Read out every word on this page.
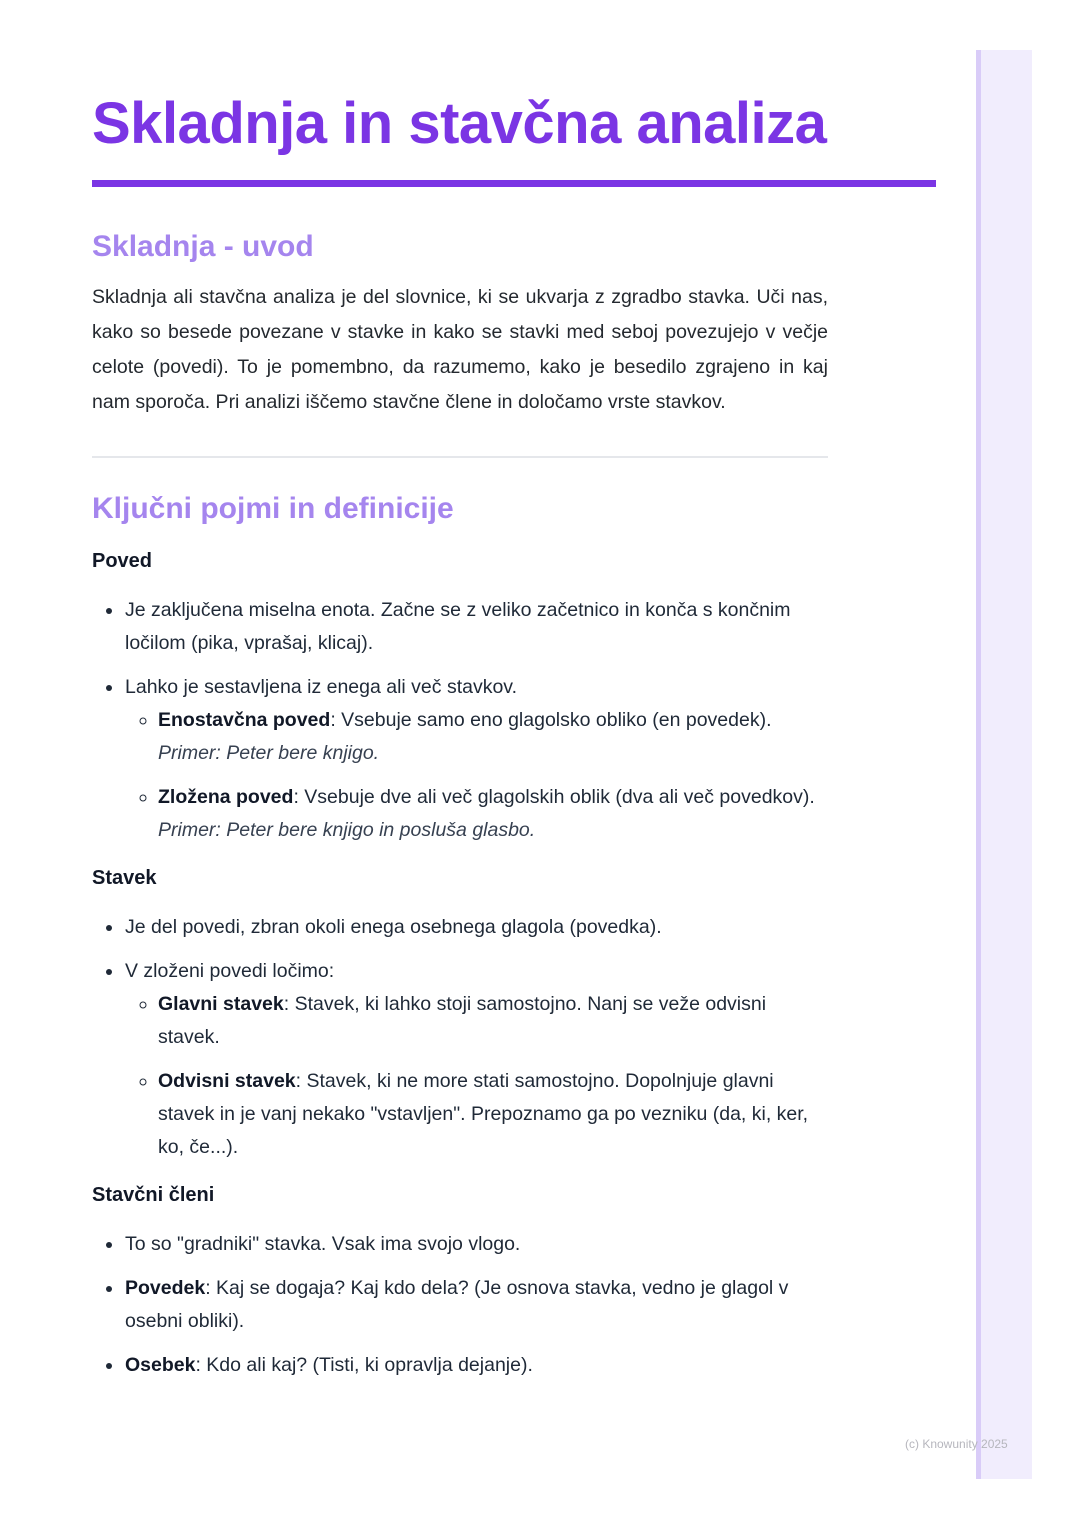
Skladnja in stavčna analiza
Skladnja - uvod

Skladnja ali stavčna analiza je del slovnice, ki se ukvarja z zgradbo stavka. Uči nas, kako so besede povezane v stavke in kako se stavki med seboj povezujejo v večje celote (povedi). To je pomembno, da razumemo, kako je besedilo zgrajeno in kaj nam sporoča. Pri analizi iščemo stavčne člene in določamo vrste stavkov.

Ključni pojmi in definicije
Poved
• Je zaključena miselna enota. Začne se z veliko začetnico in konča s končnim ločilom (pika, vprašaj, klicaj).
• Lahko je sestavljena iz enega ali več stavkov.
◦ Enostavčna poved: Vsebuje samo eno glagolsko obliko (en povedek). Primer: Peter bere knjigo.
◦ Zložena poved: Vsebuje dve ali več glagolskih oblik (dva ali več povedkov). Primer: Peter bere knjigo in posluša glasbo.
Stavek
• Je del povedi, zbran okoli enega osebnega glagola (povedka).
• V zloženi povedi ločimo:
◦ Glavni stavek: Stavek, ki lahko stoji samostojno. Nanj se veže odvisni stavek.
◦ Odvisni stavek: Stavek, ki ne more stati samostojno. Dopolnjuje glavni stavek in je vanj nekako "vstavljen". Prepoznamo ga po vezniku (da, ki, ker, ko, če...).
Stavčni členi
• To so "gradniki" stavka. Vsak ima svojo vlogo.
• Povedek: Kaj se dogaja? Kaj kdo dela? (Je osnova stavka, vedno je glagol v osebni obliki).
• Osebek: Kdo ali kaj? (Tisti, ki opravlja dejanje).
(c) Knowunity 2025
